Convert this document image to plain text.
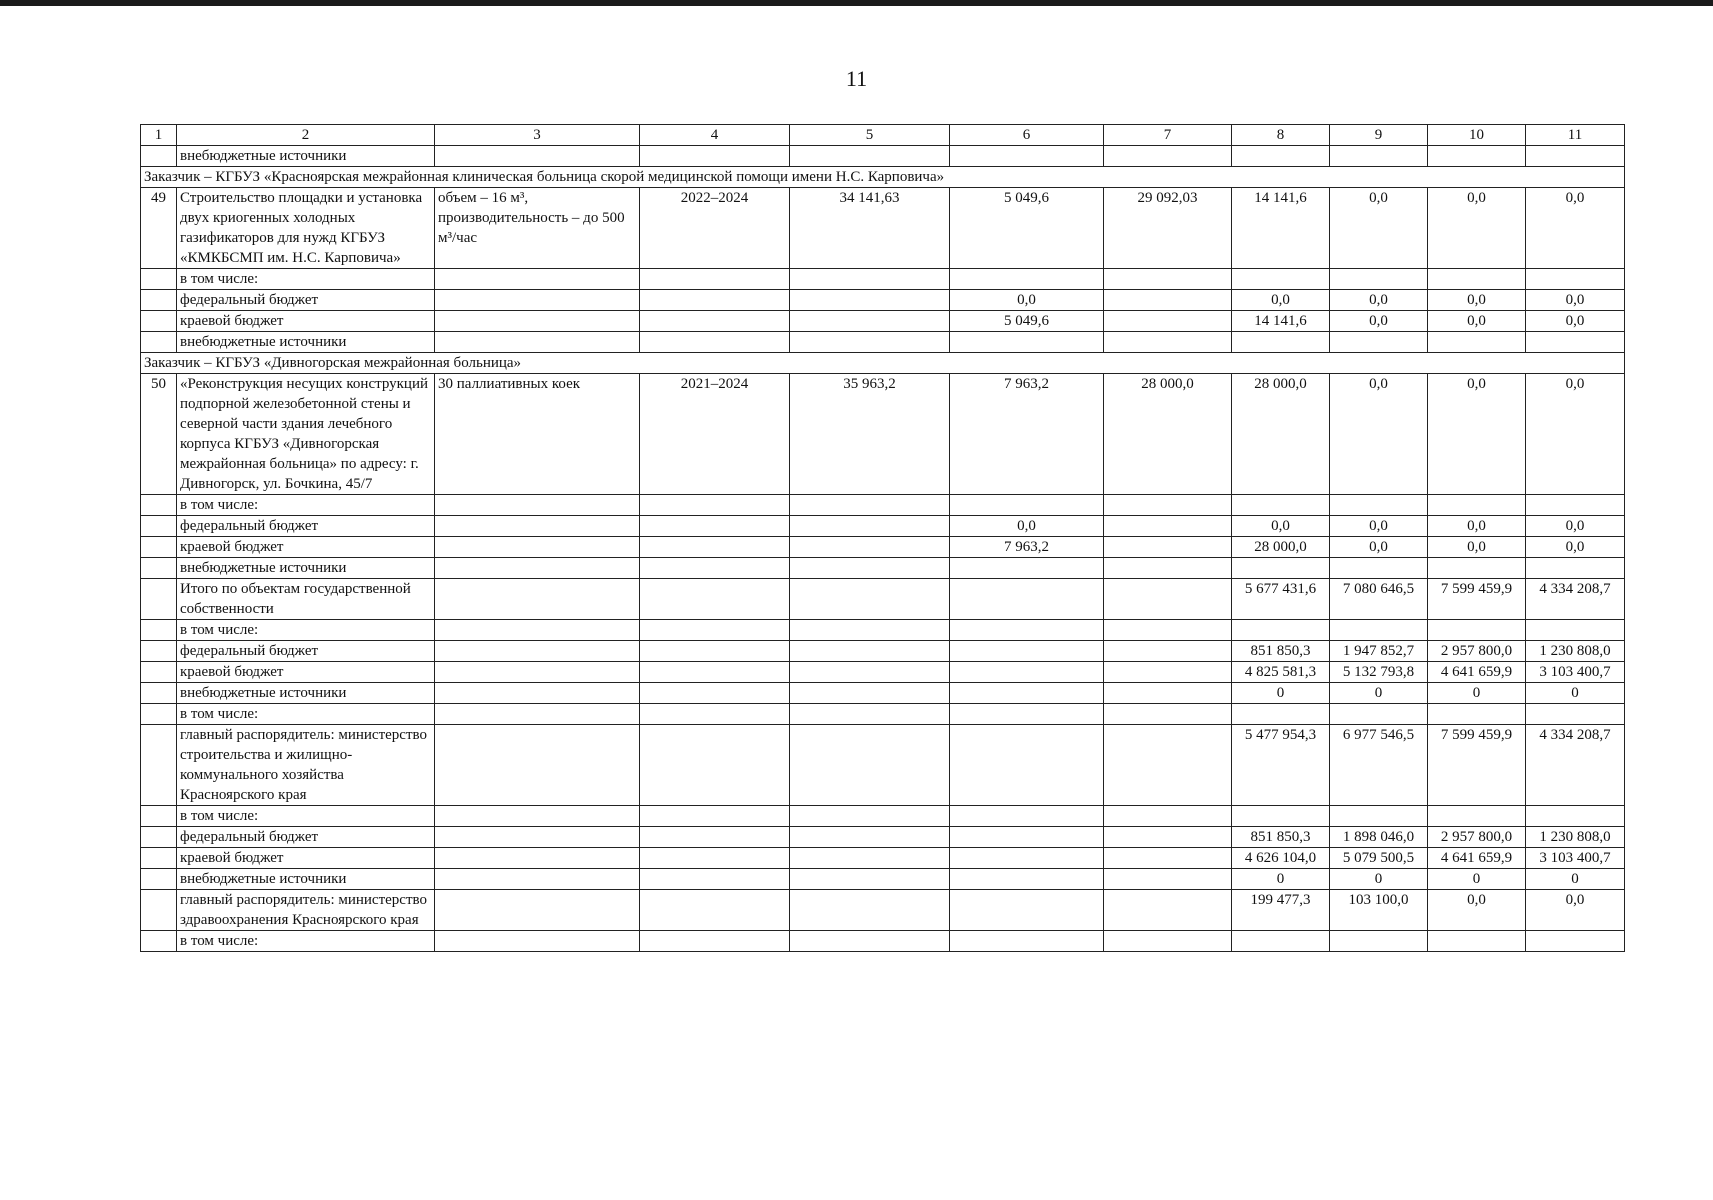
11
1	2	3	4	5	6	7	8	9	10	11
	внебюджетные источники									
Заказчик – КГБУЗ «Красноярская межрайонная клиническая больница скорой медицинской помощи имени Н.С. Карповича»										
49	Строительство площадки и установка двух криогенных холодных газификаторов для нужд КГБУЗ «КМКБСМП им. Н.С. Карповича»	объем – 16 м³, производительность – до 500 м³/час	2022–2024	34 141,63	5 049,6	29 092,03	14 141,6	0,0	0,0	0,0
	в том числе:									
	федеральный бюджет				0,0		0,0	0,0	0,0	0,0
	краевой бюджет				5 049,6		14 141,6	0,0	0,0	0,0
	внебюджетные источники									
Заказчик – КГБУЗ «Дивногорская межрайонная больница»										
50	«Реконструкция несущих конструкций подпорной железобетонной стены и северной части здания лечебного корпуса КГБУЗ «Дивногорская межрайонная больница» по адресу: г. Дивногорск, ул. Бочкина, 45/7	30 паллиативных коек	2021–2024	35 963,2	7 963,2	28 000,0	28 000,0	0,0	0,0	0,0
	в том числе:									
	федеральный бюджет				0,0		0,0	0,0	0,0	0,0
	краевой бюджет				7 963,2		28 000,0	0,0	0,0	0,0
	внебюджетные источники									
	Итого по объектам государственной собственности						5 677 431,6	7 080 646,5	7 599 459,9	4 334 208,7
	в том числе:									
	федеральный бюджет						851 850,3	1 947 852,7	2 957 800,0	1 230 808,0
	краевой бюджет						4 825 581,3	5 132 793,8	4 641 659,9	3 103 400,7
	внебюджетные источники						0	0	0	0
	в том числе:									
	главный распорядитель: министерство строительства и жилищно-коммунального хозяйства Красноярского края						5 477 954,3	6 977 546,5	7 599 459,9	4 334 208,7
	в том числе:									
	федеральный бюджет						851 850,3	1 898 046,0	2 957 800,0	1 230 808,0
	краевой бюджет						4 626 104,0	5 079 500,5	4 641 659,9	3 103 400,7
	внебюджетные источники						0	0	0	0
	главный распорядитель: министерство здравоохранения Красноярского края						199 477,3	103 100,0	0,0	0,0
	в том числе:									
